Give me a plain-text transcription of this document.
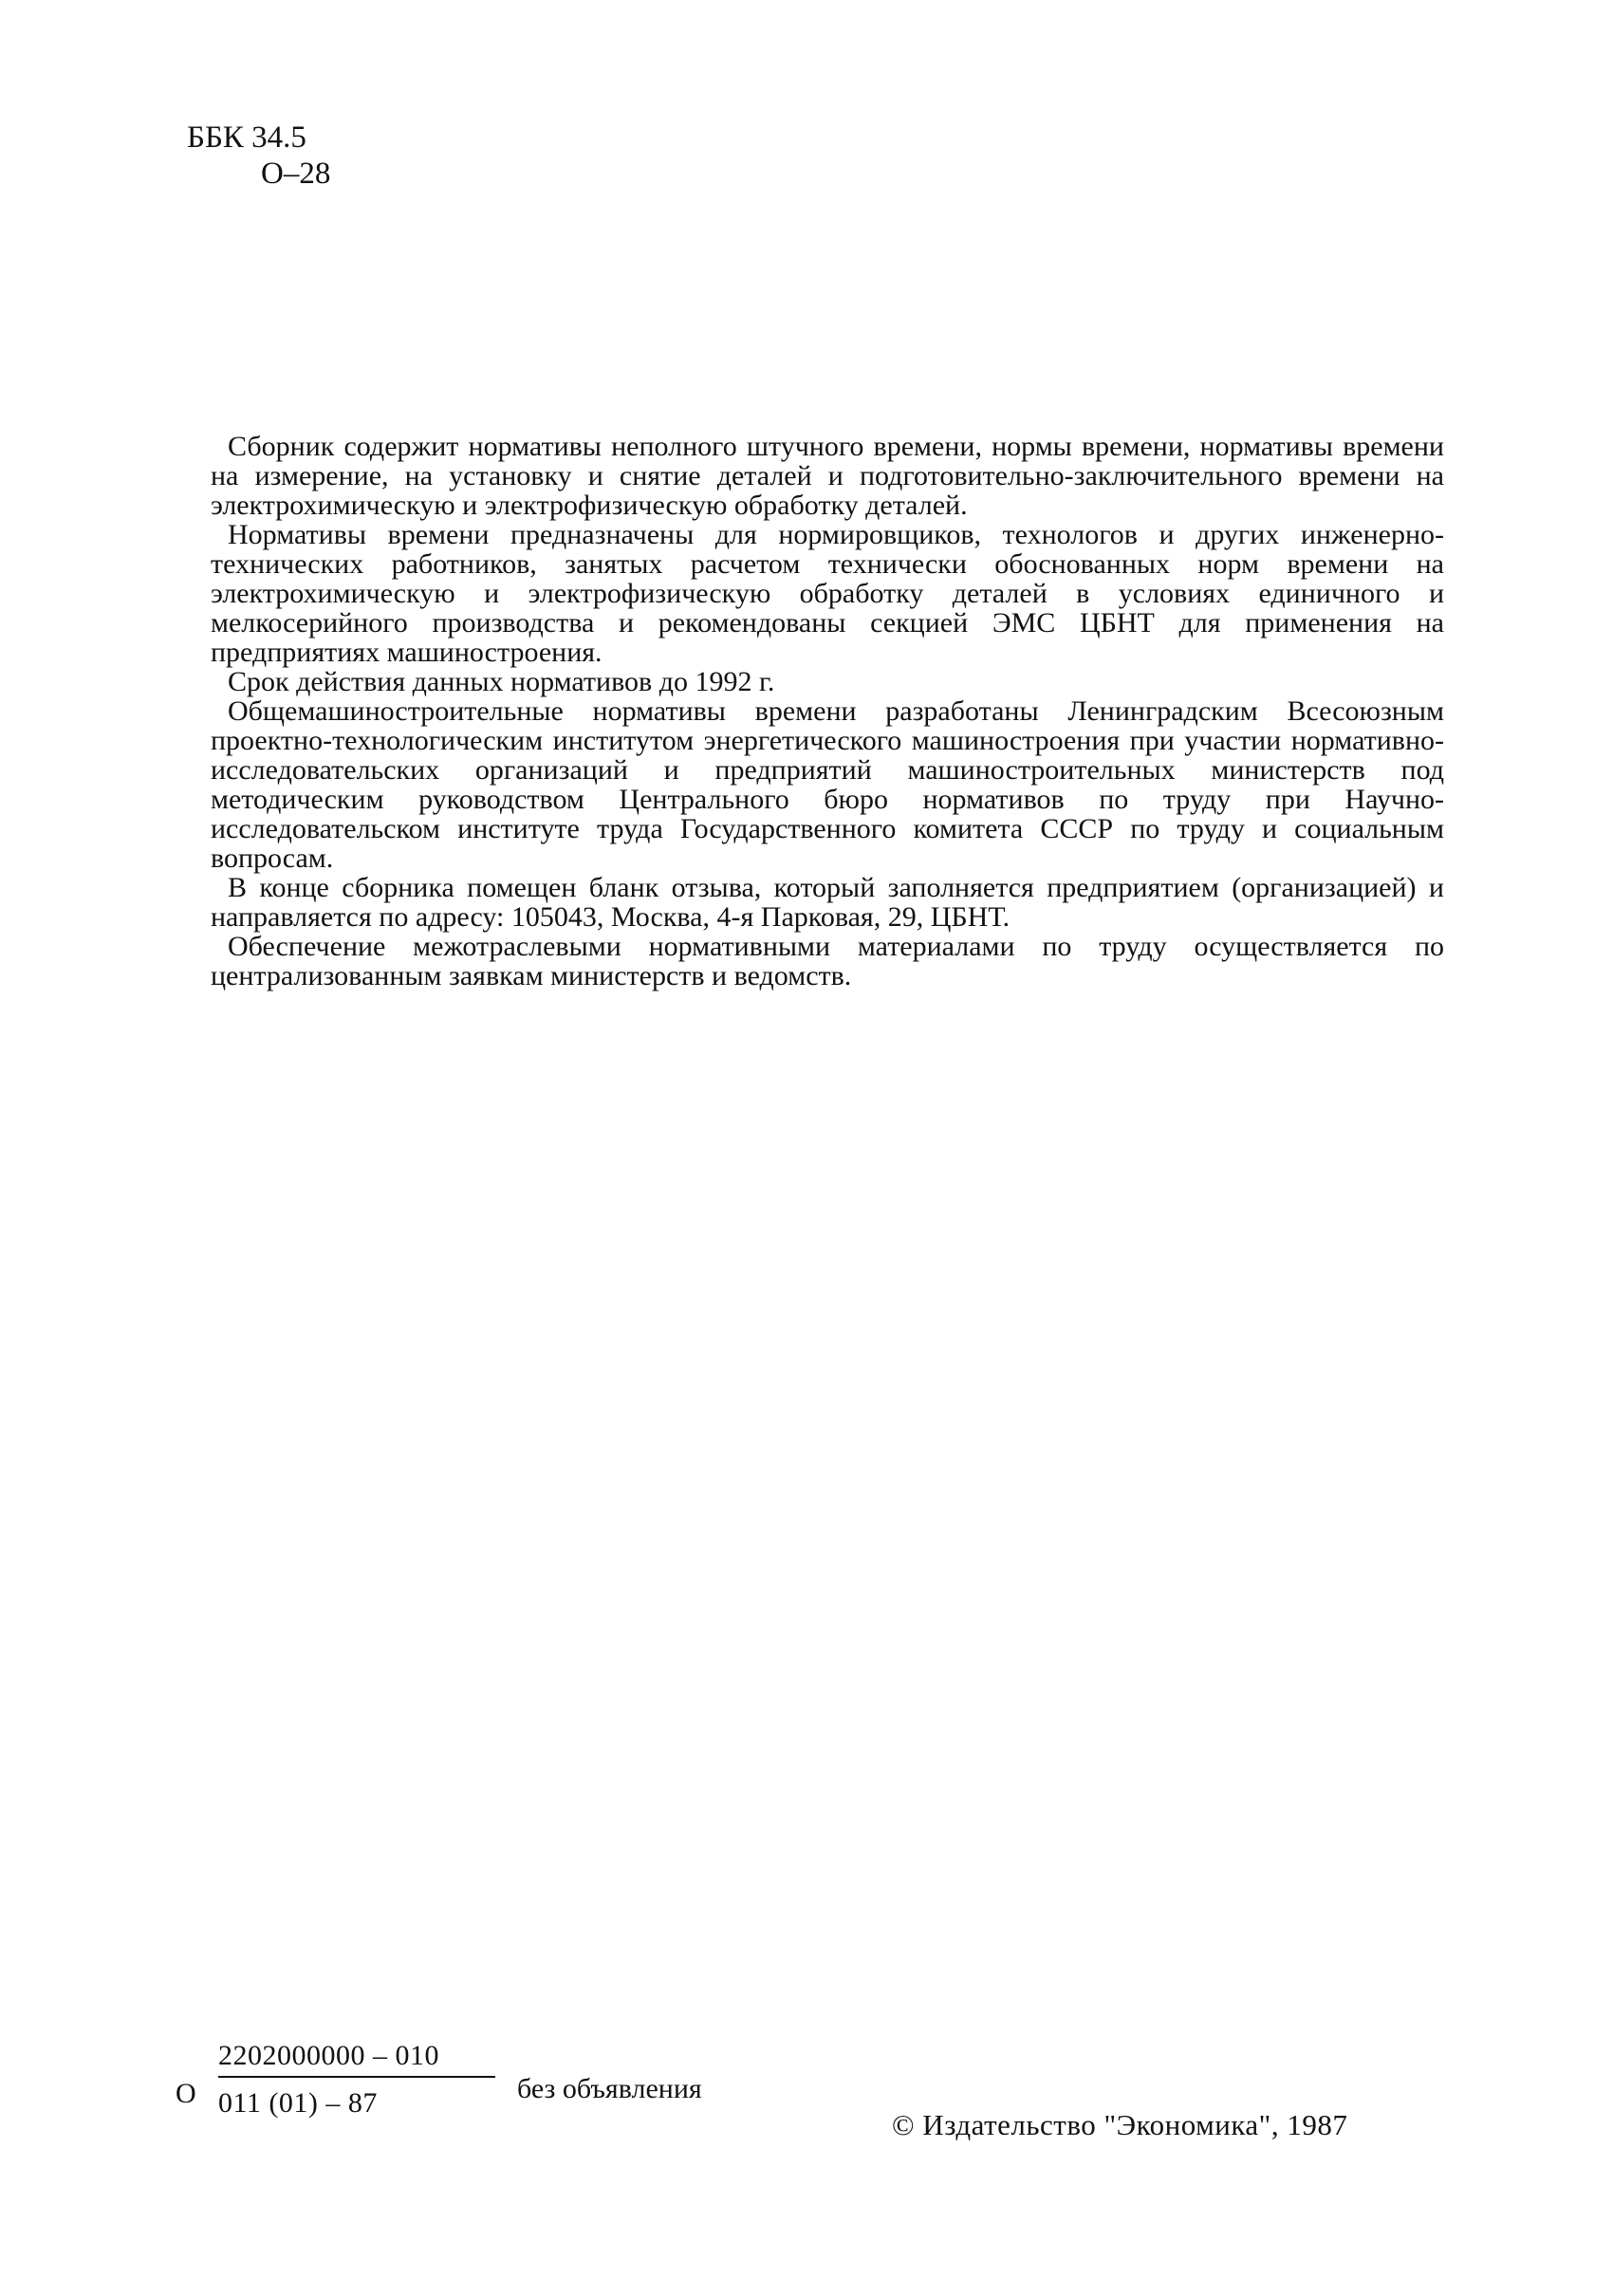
ББК 34.5
О–28

Сборник содержит нормативы неполного штучного времени, нормы времени, нормативы времени на измерение, на установку и снятие деталей и подготовительно-заключительного времени на электрохимическую и электрофизическую обработку деталей.

Нормативы времени предназначены для нормировщиков, технологов и других инженерно-технических работников, занятых расчетом технически обоснованных норм времени на электрохимическую и электрофизическую обработку деталей в условиях единичного и мелкосерийного производства и рекомендованы секцией ЭМС ЦБНТ для применения на предприятиях машиностроения.

Срок действия данных нормативов до 1992 г.

Общемашиностроительные нормативы времени разработаны Ленинградским Всесоюзным проектно-технологическим институтом энергетического машиностроения при участии нормативно-исследовательских организаций и предприятий машиностроительных министерств под методическим руководством Центрального бюро нормативов по труду при Научно-исследовательском институте труда Государственного комитета СССР по труду и социальным вопросам.

В конце сборника помещен бланк отзыва, который заполняется предприятием (организацией) и направляется по адресу: 105043, Москва, 4-я Парковая, 29, ЦБНТ.

Обеспечение межотраслевыми нормативными материалами по труду осуществляется по централизованным заявкам министерств и ведомств.

О $\frac{2202000000 - 010}{011 (01) - 87}$ без объявления
© Издательство "Экономика", 1987
